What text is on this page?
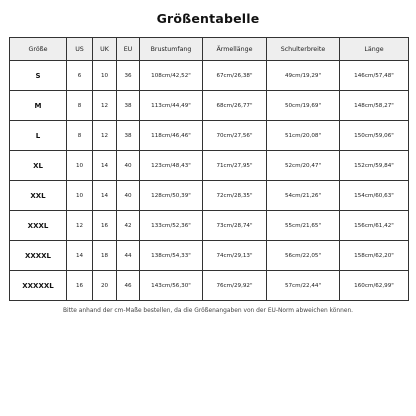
Größentabelle
Größe	US	UK	EU	Brustumfang	Ärmellänge	Schulterbreite	Länge
S	6	10	36	108cm/42,52"	67cm/26,38"	49cm/19,29"	146cm/57,48"
M	8	12	38	113cm/44,49"	68cm/26,77"	50cm/19,69"	148cm/58,27"
L	8	12	38	118cm/46,46"	70cm/27,56"	51cm/20,08"	150cm/59,06"
XL	10	14	40	123cm/48,43"	71cm/27,95"	52cm/20,47"	152cm/59,84"
XXL	10	14	40	128cm/50,39"	72cm/28,35"	54cm/21,26"	154cm/60,63"
XXXL	12	16	42	133cm/52,36"	73cm/28,74"	55cm/21,65"	156cm/61,42"
XXXXL	14	18	44	138cm/54,33"	74cm/29,13"	56cm/22,05"	158cm/62,20"
XXXXXL	16	20	46	143cm/56,30"	76cm/29,92"	57cm/22,44"	160cm/62,99"
Bitte anhand der cm-Maße bestellen, da die Größenangaben von der EU-Norm abweichen können.
